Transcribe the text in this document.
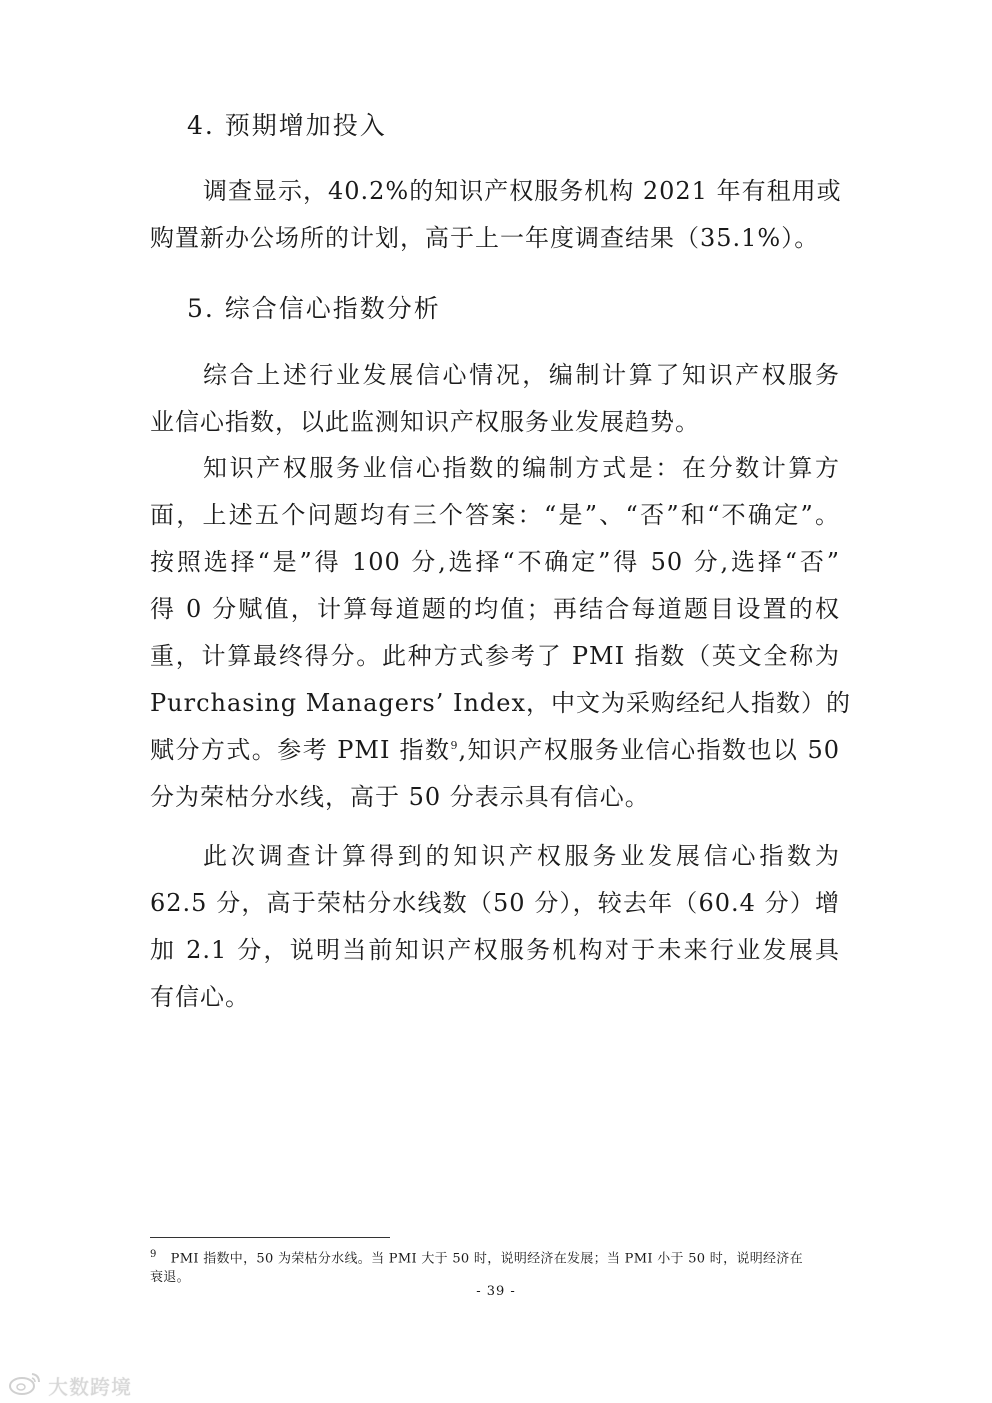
4. 预期增加投入
调查显示，40.2%的知识产权服务机构 2021 年有租用或
购置新办公场所的计划，高于上一年度调查结果（35.1%）。
5. 综合信心指数分析
综合上述行业发展信心情况，编制计算了知识产权服务
业信心指数，以此监测知识产权服务业发展趋势。
知识产权服务业信心指数的编制方式是：在分数计算方
面，上述五个问题均有三个答案：“是”、“否”和“不确定”。
按照选择“是”得 100 分,选择“不确定”得 50 分,选择“否”
得 0 分赋值，计算每道题的均值；再结合每道题目设置的权
重，计算最终得分。此种方式参考了 PMI 指数（英文全称为
Purchasing Managers’ Index，中文为采购经纪人指数）的
赋分方式。参考 PMI 指数$^9$,知识产权服务业信心指数也以 50
分为荣枯分水线，高于 50 分表示具有信心。
此次调查计算得到的知识产权服务业发展信心指数为
62.5 分，高于荣枯分水线数（50 分），较去年（60.4 分）增
加 2.1 分，说明当前知识产权服务机构对于未来行业发展具
有信心。
$^9$ PMI 指数中，50 为荣枯分水线。当 PMI 大于 50 时，说明经济在发展；当 PMI 小于 50 时，说明经济在
衰退。
- 39 -
大数跨境
